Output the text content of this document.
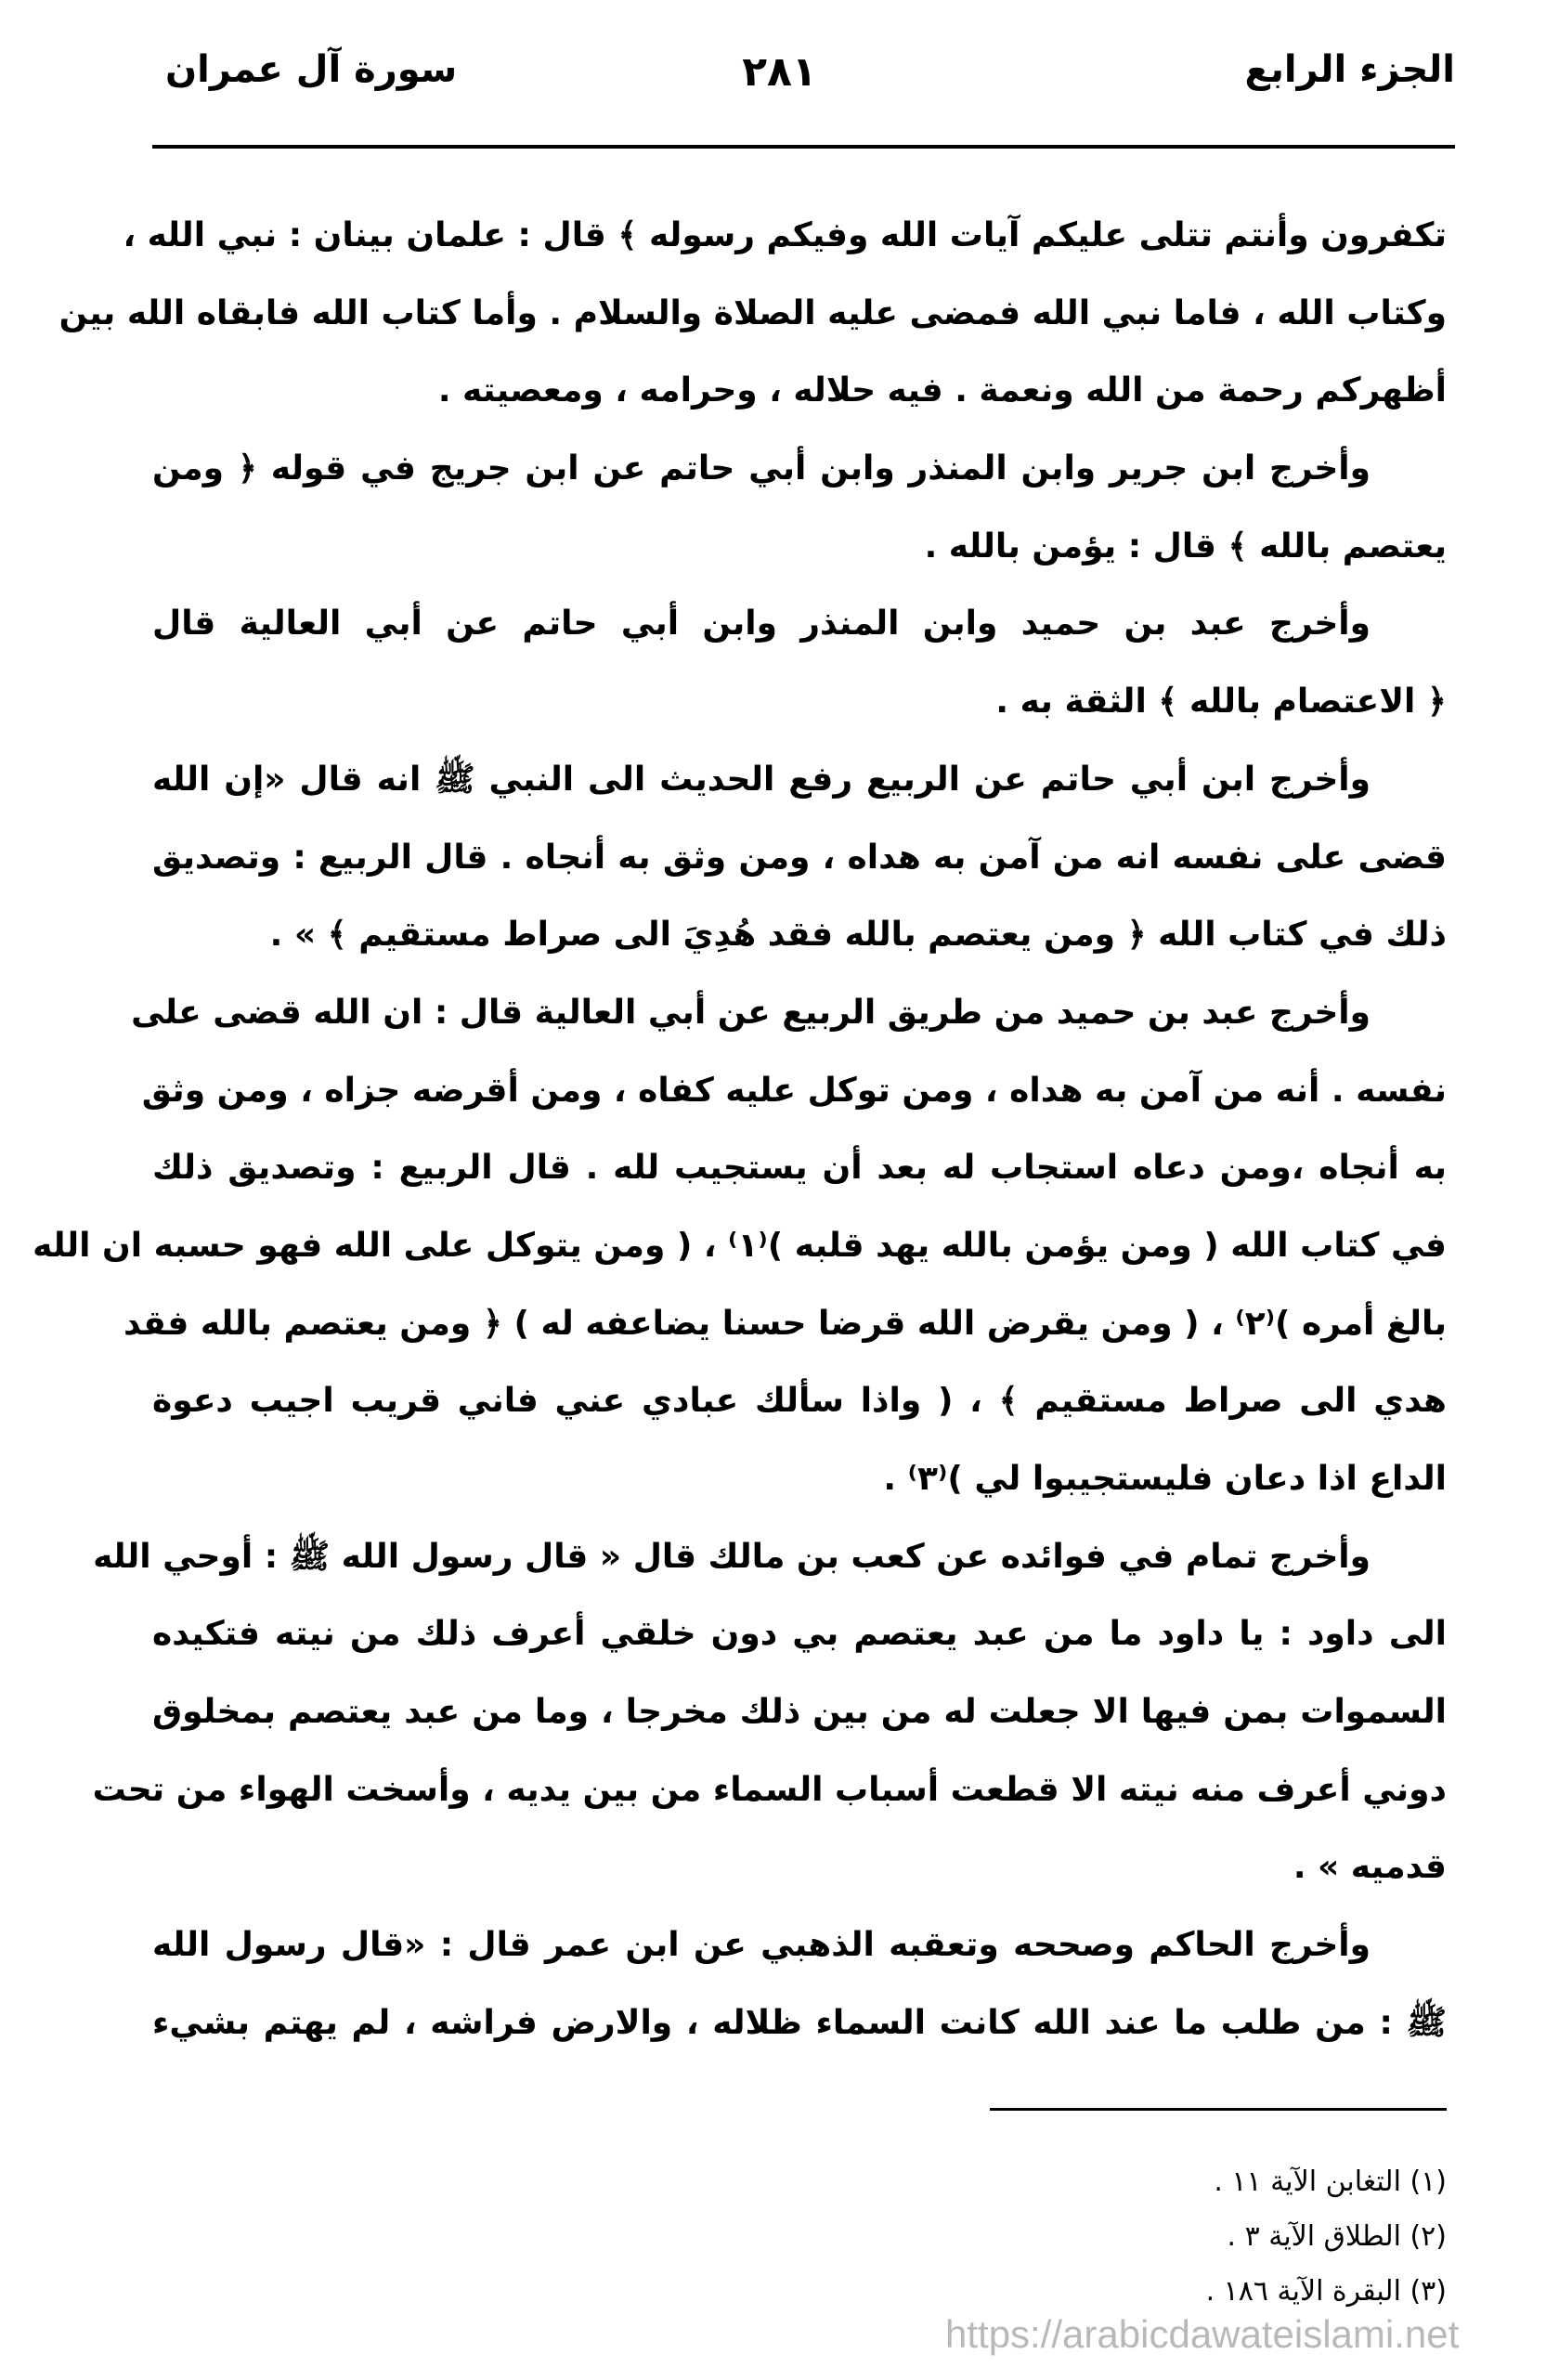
الجزء الرابع
٢٨١
سورة آل عمران
تكفرون وأنتم تتلى عليكم آيات الله وفيكم رسوله ﴾ قال : علمان بينان : نبي الله ،
وكتاب الله ، فاما نبي الله فمضى عليه الصلاة والسلام . وأما كتاب الله فابقاه الله بين
أظهركم رحمة من الله ونعمة . فيه حلاله ، وحرامه ، ومعصيته .
وأخرج ابن جرير وابن المنذر وابن أبي حاتم عن ابن جريج في قوله ﴿ ومن
يعتصم بالله ﴾ قال : يؤمن بالله .
وأخرج عبد بن حميد وابن المنذر وابن أبي حاتم عن أبي العالية قال
﴿ الاعتصام بالله ﴾ الثقة به .
وأخرج ابن أبي حاتم عن الربيع رفع الحديث الى النبي ﷺ انه قال «إن الله
قضى على نفسه انه من آمن به هداه ، ومن وثق به أنجاه . قال الربيع : وتصديق
ذلك في كتاب الله ﴿ ومن يعتصم بالله فقد هُدِيَ الى صراط مستقيم ﴾ » .
وأخرج عبد بن حميد من طريق الربيع عن أبي العالية قال : ان الله قضى على
نفسه . أنه من آمن به هداه ، ومن توكل عليه كفاه ، ومن أقرضه جزاه ، ومن وثق
به أنجاه ،ومن دعاه استجاب له بعد أن يستجيب لله . قال الربيع : وتصديق ذلك
في كتاب الله ( ومن يؤمن بالله يهد قلبه )⁽١⁾ ، ( ومن يتوكل على الله فهو حسبه ان الله
بالغ أمره )⁽٢⁾ ، ( ومن يقرض الله قرضا حسنا يضاعفه له ) ﴿ ومن يعتصم بالله فقد
هدي الى صراط مستقيم ﴾ ، ( واذا سألك عبادي عني فاني قريب اجيب دعوة
الداع اذا دعان فليستجيبوا لي )⁽٣⁾ .
وأخرج تمام في فوائده عن كعب بن مالك قال « قال رسول الله ﷺ : أوحي الله
الى داود : يا داود ما من عبد يعتصم بي دون خلقي أعرف ذلك من نيته فتكيده
السموات بمن فيها الا جعلت له من بين ذلك مخرجا ، وما من عبد يعتصم بمخلوق
دوني أعرف منه نيته الا قطعت أسباب السماء من بين يديه ، وأسخت الهواء من تحت
قدميه » .
وأخرج الحاكم وصححه وتعقبه الذهبي عن ابن عمر قال : «قال رسول الله
ﷺ : من طلب ما عند الله كانت السماء ظلاله ، والارض فراشه ، لم يهتم بشيء
(١) التغابن الآية ١١ .
(٢) الطلاق الآية ٣ .
(٣) البقرة الآية ١٨٦ .
https://arabicdawateislami.net
